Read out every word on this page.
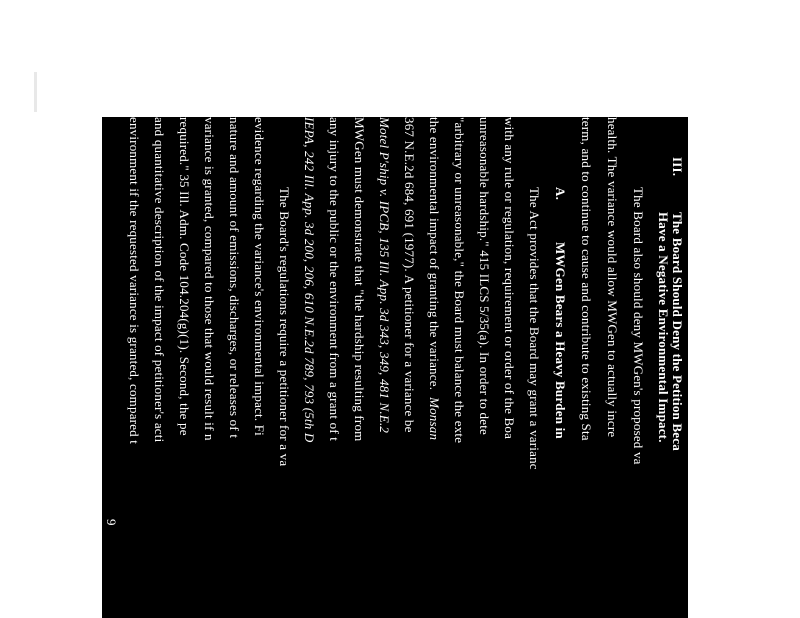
III.
The Board Should Deny the Petition Beca
Have a Negative Environmental Impact.
The Board also should deny MWGen's proposed va
health. The variance would allow MWGen to actually incre
term, and to continue to cause and contribute to existing Sta
A.
MWGen Bears a Heavy Burden in
The Act provides that the Board may grant a varianc
with any rule or regulation, requirement or order of the Boa
unreasonable hardship." 415 ILCS 5/35(a). In order to dete
"arbitrary or unreasonable," the Board must balance the exte
the environmental impact of granting the variance.  Monsan
367 N.E.2d 684, 691 (1977). A petitioner for a variance be
Motel P'ship v. IPCB, 135 Ill. App. 3d 343, 349, 481 N.E.2
MWGen must demonstrate that "the hardship resulting from
any injury to the public or the environment from a grant of t
IEPA, 242 Ill. App. 3d 200, 206, 610 N.E.2d 789, 793 (5th D
The Board's regulations require a petitioner for a va
evidence regarding the variance's environmental impact. Fi
nature and amount of emissions, discharges, or releases of t
variance is granted, compared to those that would result if n
required." 35 Ill. Adm. Code 104.204(g)(1). Second, the pe
and quantitative description of the impact of petitioner's acti
environment if the requested variance is granted, compared t
9
